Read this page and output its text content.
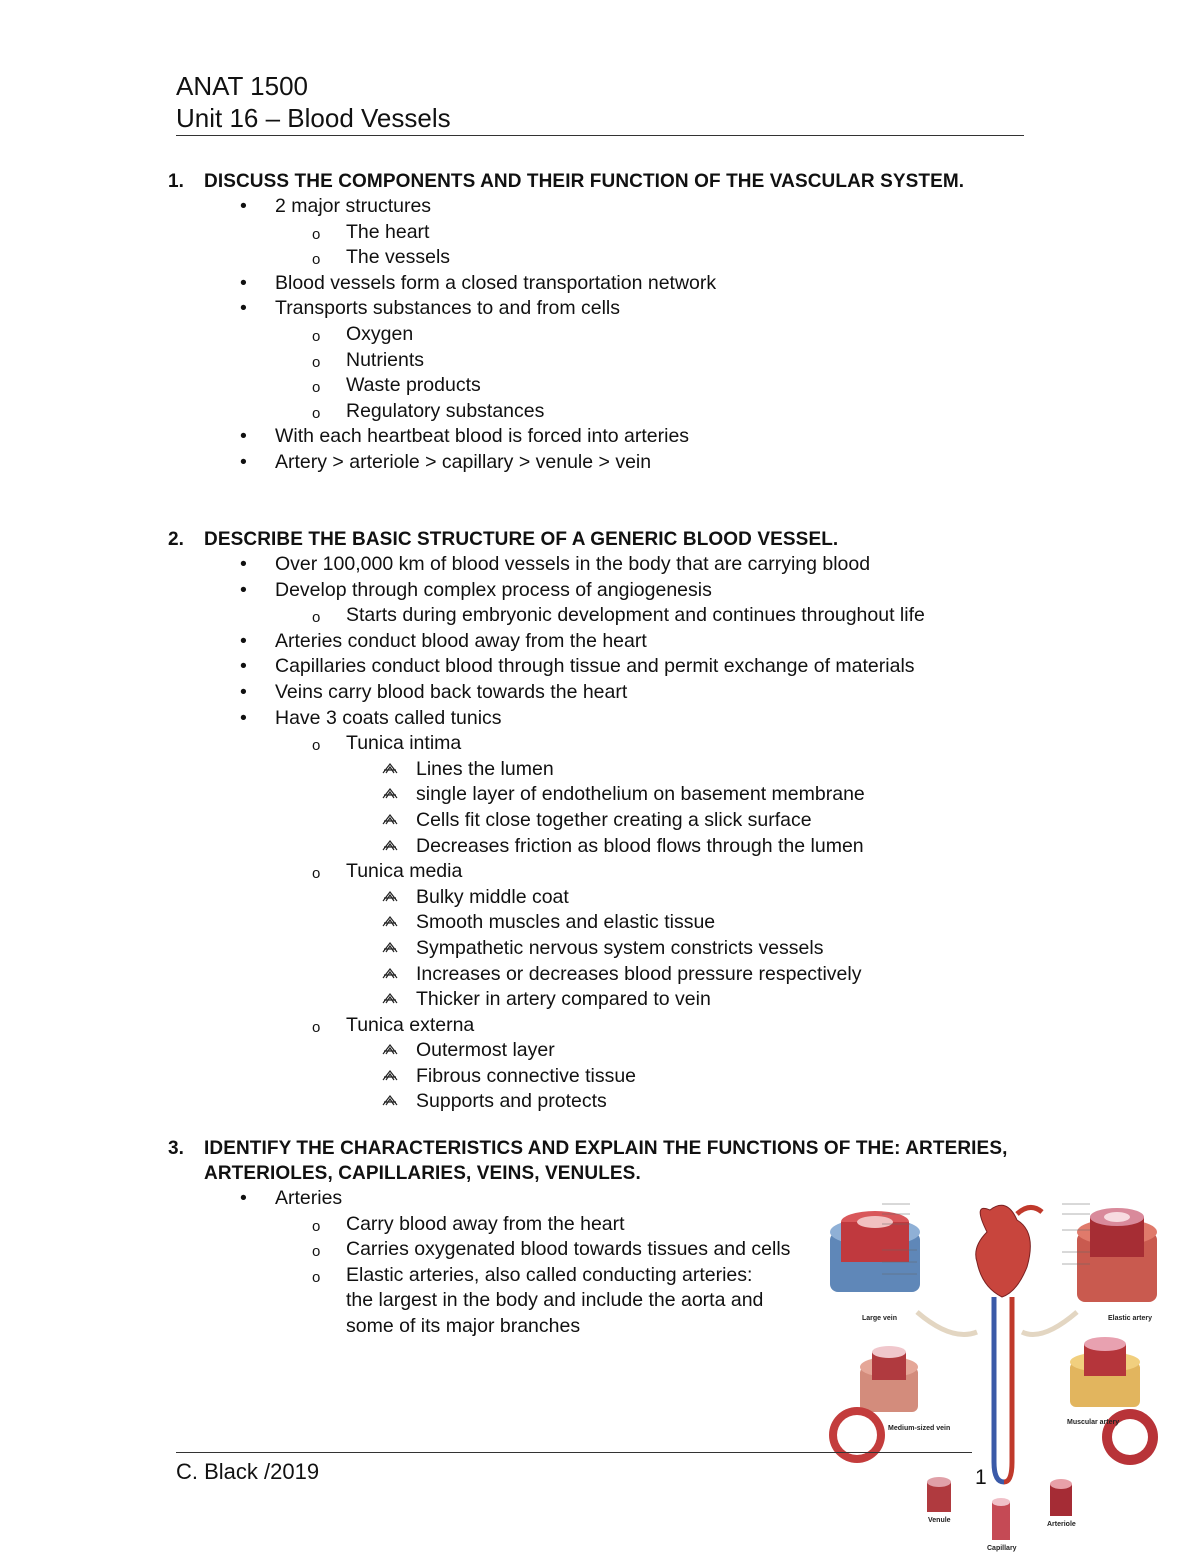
ANAT 1500
Unit 16 – Blood Vessels
1.	DISCUSS THE COMPONENTS AND THEIR FUNCTION OF THE VASCULAR SYSTEM.
• 2 major structures
o The heart
o The vessels
• Blood vessels form a closed transportation network
• Transports substances to and from cells
o Oxygen
o Nutrients
o Waste products
o Regulatory substances
• With each heartbeat blood is forced into arteries
• Artery > arteriole > capillary > venule > vein
2.	DESCRIBE THE BASIC STRUCTURE OF A GENERIC BLOOD VESSEL.
• Over 100,000 km of blood vessels in the body that are carrying blood
• Develop through complex process of angiogenesis
o Starts during embryonic development and continues throughout life
• Arteries conduct blood away from the heart
• Capillaries conduct blood through tissue and permit exchange of materials
• Veins carry blood back towards the heart
• Have 3 coats called tunics
o Tunica intima
Lines the lumen
single layer of endothelium on basement membrane
Cells fit close together creating a slick surface
Decreases friction as blood flows through the lumen
o Tunica media
Bulky middle coat
Smooth muscles and elastic tissue
Sympathetic nervous system constricts vessels
Increases or decreases blood pressure respectively
Thicker in artery compared to vein
o Tunica externa
Outermost layer
Fibrous connective tissue
Supports and protects
3.	IDENTIFY THE CHARACTERISTICS AND EXPLAIN THE FUNCTIONS OF THE: ARTERIES, ARTERIOLES, CAPILLARIES, VEINS, VENULES.
• Arteries
o Carry blood away from the heart
o Carries oxygenated blood towards tissues and cells
o Elastic arteries, also called conducting arteries: the largest in the body and include the aorta and some of its major branches	Large vein	Elastic artery
Medium-sized vein
Muscular artery
Venule
Capillary
Arteriole
C. Black /2019	1
